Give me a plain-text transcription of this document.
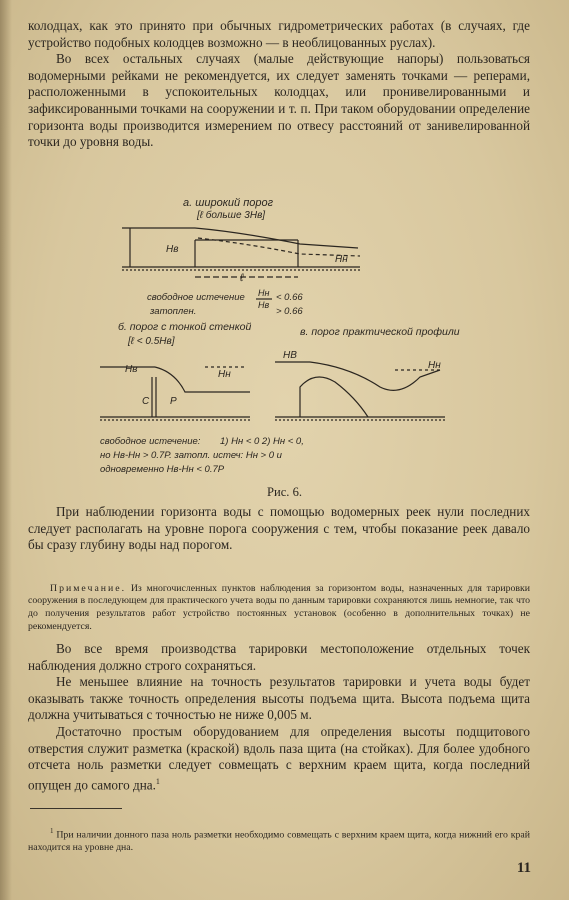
колодцах, как это принято при обычных гидрометрических работах (в случаях, где устройство подобных колодцев возможно — в необлицованных руслах).

Во всех остальных случаях (малые действующие напоры) пользоваться водомерными рейками не рекомендуется, их следует заменять точками — реперами, расположенными в успокоительных колодцах, или пронивелированными и зафиксированными точками на сооружении и т. п. При таком оборудовании определение горизонта воды производится измерением по отвесу расстояний от занивелированной точки до уровня воды.

а. широкий порог
[ℓ больше 3Нв]
Нв
Нн
ℓ
свободное истечение Нн
Нв
< 0.66
затоплен.	> 0.66
б. порог с тонкой стенкой
[ℓ < 0.5Нв]
Нв	Нн
С Р
свободное истечение: 1) Нн < 0 2) Нн < 0,
но Нв-Нн > 0.7Р. затопл. истеч: Нн > 0 и
одновременно Нв-Нн < 0.7Р
в. порог практической профили
НВ
Нн
Рис. 6.

При наблюдении горизонта воды с помощью водомерных реек нули последних следует располагать на уровне порога сооружения с тем, чтобы показание реек давало бы сразу глубину воды над порогом.

Примечание. Из многочисленных пунктов наблюдения за горизонтом воды, назначенных для тарировки сооружения в последующем для практического учета воды по данным тарировки сохраняются лишь немногие, так что до получения результатов работ устройство постоянных установок (особенно в дополнительных точках) не рекомендуется.

Во все время производства тарировки местоположение отдельных точек наблюдения должно строго сохраняться.

Не меньшее влияние на точность результатов тарировки и учета воды будет оказывать также точность определения высоты подъема щита. Высота подъема щита должна учитываться с точностью не ниже 0,005 м.

Достаточно простым оборудованием для определения высоты подщитового отверстия служит разметка (краской) вдоль паза щита (на стойках). Для более удобного отсчета ноль разметки следует совмещать с верхним краем щита, когда последний опущен до самого дна.$^1$

$^1$ При наличии донного паза ноль разметки необходимо совмещать с верхним краем щита, когда нижний его край находится на уровне дна.

11
